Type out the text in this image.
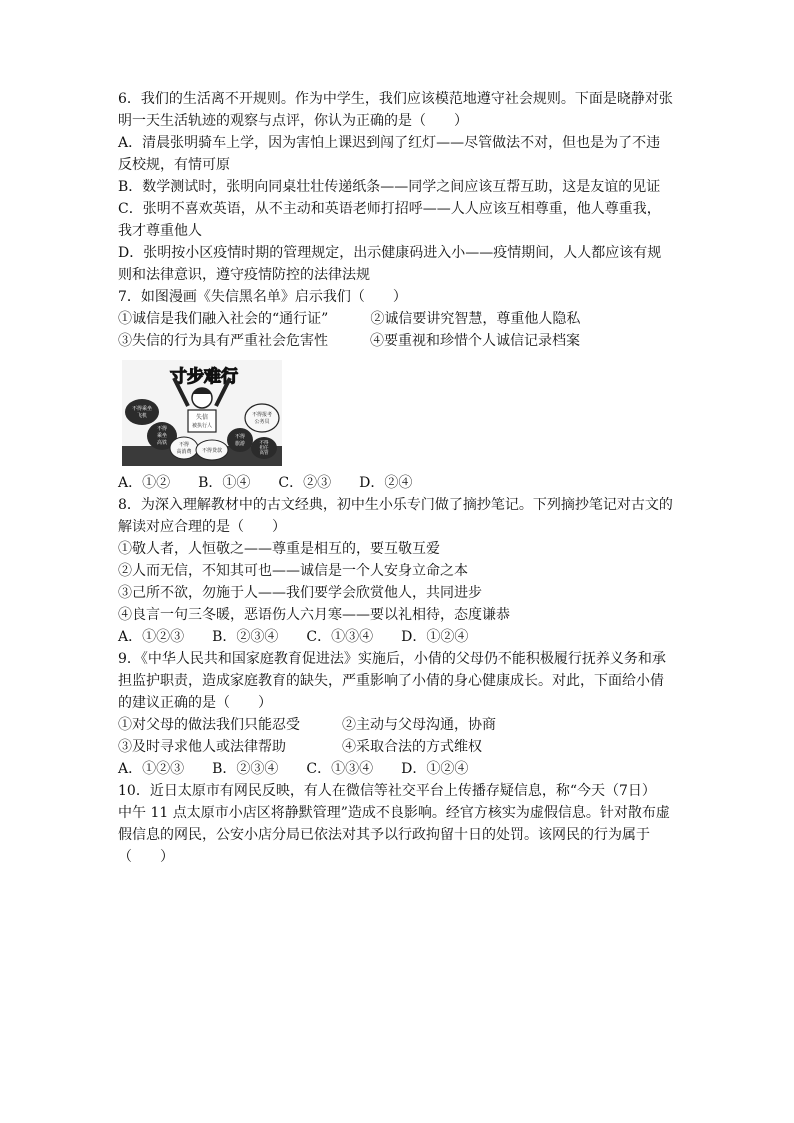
6．我们的生活离不开规则。作为中学生，我们应该模范地遵守社会规则。下面是晓静对张

明一天生活轨迹的观察与点评，你认为正确的是（　　）

A．清晨张明骑车上学，因为害怕上课迟到闯了红灯——尽管做法不对，但也是为了不违

反校规，有情可原

B．数学测试时，张明向同桌壮壮传递纸条——同学之间应该互帮互助，这是友谊的见证

C．张明不喜欢英语，从不主动和英语老师打招呼——人人应该互相尊重，他人尊重我，

我才尊重他人

D．张明按小区疫情时期的管理规定，出示健康码进入小——疫情期间，人人都应该有规

则和法律意识，遵守疫情防控的法律法规

7．如图漫画《失信黑名单》启示我们（　　）

①诚信是我们融入社会的“通行证”　　　②诚信要讲究智慧，尊重他人隐私

③失信的行为具有严重社会危害性　　　④要重视和珍惜个人诚信记录档案

寸步难行
失信
被执行人
不得乘坐
飞机
不得
乘坐
高铁 不得
高消费 不得贷款
不得报考
公务员
不得
旅游	不得
担任
高管

A．①②　　B．①④　　C．②③　　D．②④

8．为深入理解教材中的古文经典，初中生小乐专门做了摘抄笔记。下列摘抄笔记对古文的

解读对应合理的是（　　）

①敬人者，人恒敬之——尊重是相互的，要互敬互爱

②人而无信，不知其可也——诚信是一个人安身立命之本

③己所不欲，勿施于人——我们要学会欣赏他人，共同进步

④良言一句三冬暖，恶语伤人六月寒——要以礼相待，态度谦恭

A．①②③　　B．②③④　　C．①③④　　D．①②④

9．《中华人民共和国家庭教育促进法》实施后，小倩的父母仍不能积极履行抚养义务和承

担监护职责，造成家庭教育的缺失，严重影响了小倩的身心健康成长。对此，下面给小倩

的建议正确的是（　　）

①对父母的做法我们只能忍受　　　②主动与父母沟通，协商

③及时寻求他人或法律帮助　　　　④采取合法的方式维权

A．①②③　　B．②③④　　C．①③④　　D．①②④

10．近日太原市有网民反映，有人在微信等社交平台上传播存疑信息，称“今天（7日）

中午 11 点太原市小店区将静默管理”造成不良影响。经官方核实为虚假信息。针对散布虚

假信息的网民，公安小店分局已依法对其予以行政拘留十日的处罚。该网民的行为属于

（　　）
